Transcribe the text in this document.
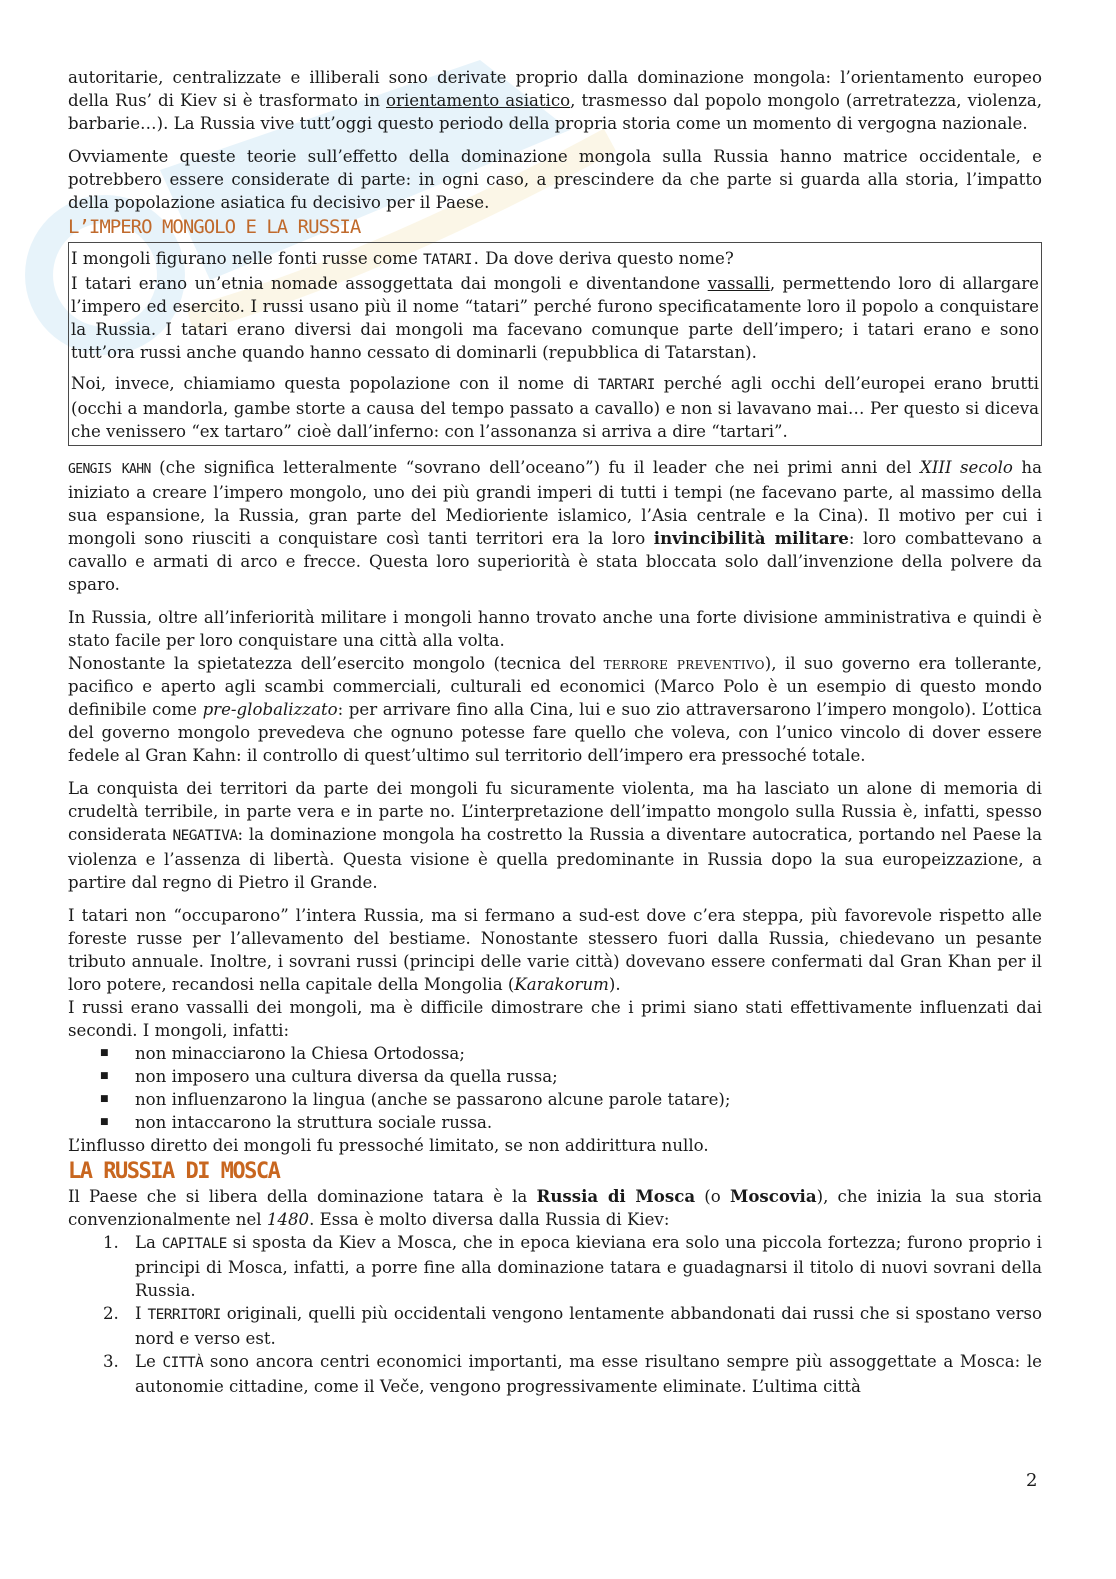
autoritarie, centralizzate e illiberali sono derivate proprio dalla dominazione mongola: l’orientamento europeo della Rus’ di Kiev si è trasformato in orientamento asiatico, trasmesso dal popolo mongolo (arretratezza, violenza, barbarie…). La Russia vive tutt’oggi questo periodo della propria storia come un momento di vergogna nazionale.

Ovviamente queste teorie sull’effetto della dominazione mongola sulla Russia hanno matrice occidentale, e potrebbero essere considerate di parte: in ogni caso, a prescindere da che parte si guarda alla storia, l’impatto della popolazione asiatica fu decisivo per il Paese.

L’IMPERO MONGOLO E LA RUSSIA

I mongoli figurano nelle fonti russe come TATARI. Da dove deriva questo nome?
I tatari erano un’etnia nomade assoggettata dai mongoli e diventandone vassalli, permettendo loro di allargare l’impero ed esercito. I russi usano più il nome “tatari” perché furono specificatamente loro il popolo a conquistare la Russia. I tatari erano diversi dai mongoli ma facevano comunque parte dell’impero; i tatari erano e sono tutt’ora russi anche quando hanno cessato di dominarli (repubblica di Tatarstan).

Noi, invece, chiamiamo questa popolazione con il nome di TARTARI perché agli occhi dell’europei erano brutti (occhi a mandorla, gambe storte a causa del tempo passato a cavallo) e non si lavavano mai… Per questo si diceva che venissero “ex tartaro” cioè dall’inferno: con l’assonanza si arriva a dire “tartari”.

GENGIS KAHN (che significa letteralmente “sovrano dell’oceano”) fu il leader che nei primi anni del XIII secolo ha iniziato a creare l’impero mongolo, uno dei più grandi imperi di tutti i tempi (ne facevano parte, al massimo della sua espansione, la Russia, gran parte del Medioriente islamico, l’Asia centrale e la Cina). Il motivo per cui i mongoli sono riusciti a conquistare così tanti territori era la loro invincibilità militare: loro combattevano a cavallo e armati di arco e frecce. Questa loro superiorità è stata bloccata solo dall’invenzione della polvere da sparo.

In Russia, oltre all’inferiorità militare i mongoli hanno trovato anche una forte divisione amministrativa e quindi è stato facile per loro conquistare una città alla volta.
Nonostante la spietatezza dell’esercito mongolo (tecnica del terrore preventivo), il suo governo era tollerante, pacifico e aperto agli scambi commerciali, culturali ed economici (Marco Polo è un esempio di questo mondo definibile come pre-globalizzato: per arrivare fino alla Cina, lui e suo zio attraversarono l’impero mongolo). L’ottica del governo mongolo prevedeva che ognuno potesse fare quello che voleva, con l’unico vincolo di dover essere fedele al Gran Kahn: il controllo di quest’ultimo sul territorio dell’impero era pressoché totale.

La conquista dei territori da parte dei mongoli fu sicuramente violenta, ma ha lasciato un alone di memoria di crudeltà terribile, in parte vera e in parte no. L’interpretazione dell’impatto mongolo sulla Russia è, infatti, spesso considerata NEGATIVA: la dominazione mongola ha costretto la Russia a diventare autocratica, portando nel Paese la violenza e l’assenza di libertà. Questa visione è quella predominante in Russia dopo la sua europeizzazione, a partire dal regno di Pietro il Grande.

I tatari non “occuparono” l’intera Russia, ma si fermano a sud-est dove c’era steppa, più favorevole rispetto alle foreste russe per l’allevamento del bestiame. Nonostante stessero fuori dalla Russia, chiedevano un pesante tributo annuale. Inoltre, i sovrani russi (principi delle varie città) dovevano essere confermati dal Gran Khan per il loro potere, recandosi nella capitale della Mongolia (Karakorum).
I russi erano vassalli dei mongoli, ma è difficile dimostrare che i primi siano stati effettivamente influenzati dai secondi. I mongoli, infatti:

■ non minacciarono la Chiesa Ortodossa;
■ non imposero una cultura diversa da quella russa;
■ non influenzarono la lingua (anche se passarono alcune parole tatare);
■ non intaccarono la struttura sociale russa.

L’influsso diretto dei mongoli fu pressoché limitato, se non addirittura nullo.

LA RUSSIA DI MOSCA

Il Paese che si libera della dominazione tatara è la Russia di Mosca (o Moscovia), che inizia la sua storia convenzionalmente nel 1480. Essa è molto diversa dalla Russia di Kiev:

1. La CAPITALE si sposta da Kiev a Mosca, che in epoca kieviana era solo una piccola fortezza; furono proprio i principi di Mosca, infatti, a porre fine alla dominazione tatara e guadagnarsi il titolo di nuovi sovrani della Russia.
2. I TERRITORI originali, quelli più occidentali vengono lentamente abbandonati dai russi che si spostano verso nord e verso est.
3. Le CITTÀ sono ancora centri economici importanti, ma esse risultano sempre più assoggettate a Mosca: le autonomie cittadine, come il Veče, vengono progressivamente eliminate. L’ultima città
2
